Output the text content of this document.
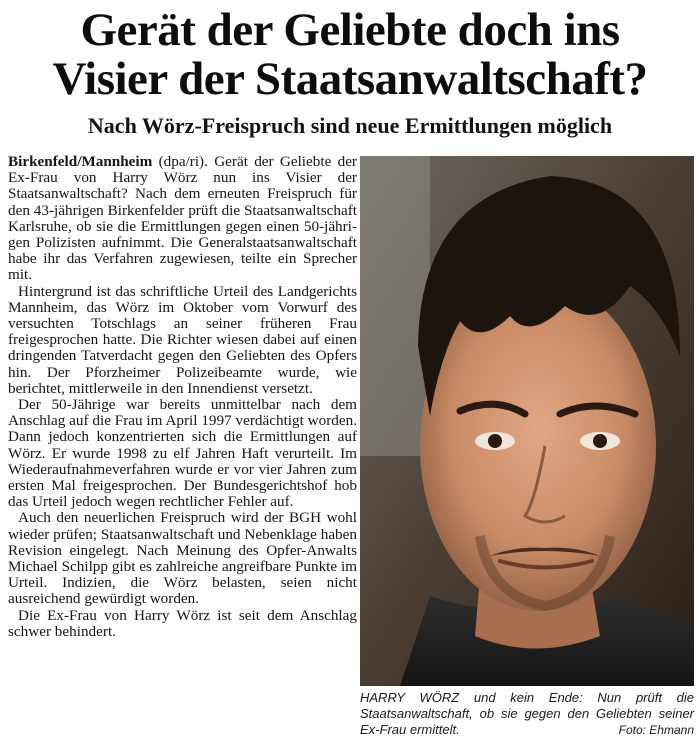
Gerät der Geliebte doch ins
Visier der Staatsanwaltschaft?
Nach Wörz-Freispruch sind neue Ermittlungen möglich

Birkenfeld/Mannheim (dpa/ri). Gerät der Geliebte der Ex-Frau von Harry Wörz nun ins Visier der Staatsanwaltschaft? Nach dem erneuten Freispruch für den 43-jährigen Birkenfelder prüft die Staatsanwaltschaft Karlsruhe, ob sie die Ermittlungen gegen einen 50-jährigen Polizisten aufnimmt. Die Generalstaatsanwaltschaft habe ihr das Verfahren zugewiesen, teilte ein Sprecher mit.

Hintergrund ist das schriftliche Urteil des Landgerichts Mannheim, das Wörz im Oktober vom Vorwurf des versuchten Totschlags an seiner früheren Frau freigesprochen hatte. Die Richter wiesen dabei auf einen dringenden Tatverdacht gegen den Geliebten des Opfers hin. Der Pforzheimer Polizeibeamte wurde, wie berichtet, mittlerweile in den Innendienst versetzt.

Der 50-Jährige war bereits unmittelbar nach dem Anschlag auf die Frau im April 1997 verdächtigt worden. Dann jedoch konzentrierten sich die Ermittlungen auf Wörz. Er wurde 1998 zu elf Jahren Haft verurteilt. Im Wiederaufnahmeverfahren wurde er vor vier Jahren zum ersten Mal freigesprochen. Der Bundesgerichtshof hob das Urteil jedoch wegen rechtlicher Fehler auf.

Auch den neuerlichen Freispruch wird der BGH wohl wieder prüfen; Staatsanwaltschaft und Nebenklage haben Revision eingelegt. Nach Meinung des Opfer-Anwalts Michael Schilpp gibt es zahlreiche angreifbare Punkte im Urteil. Indizien, die Wörz belasten, seien nicht ausreichend gewürdigt worden.

Die Ex-Frau von Harry Wörz ist seit dem Anschlag schwer behindert.

HARRY WÖRZ und kein Ende: Nun prüft die Staatsanwaltschaft, ob sie gegen den Geliebten seiner Ex-Frau ermittelt.	Foto: Ehmann
